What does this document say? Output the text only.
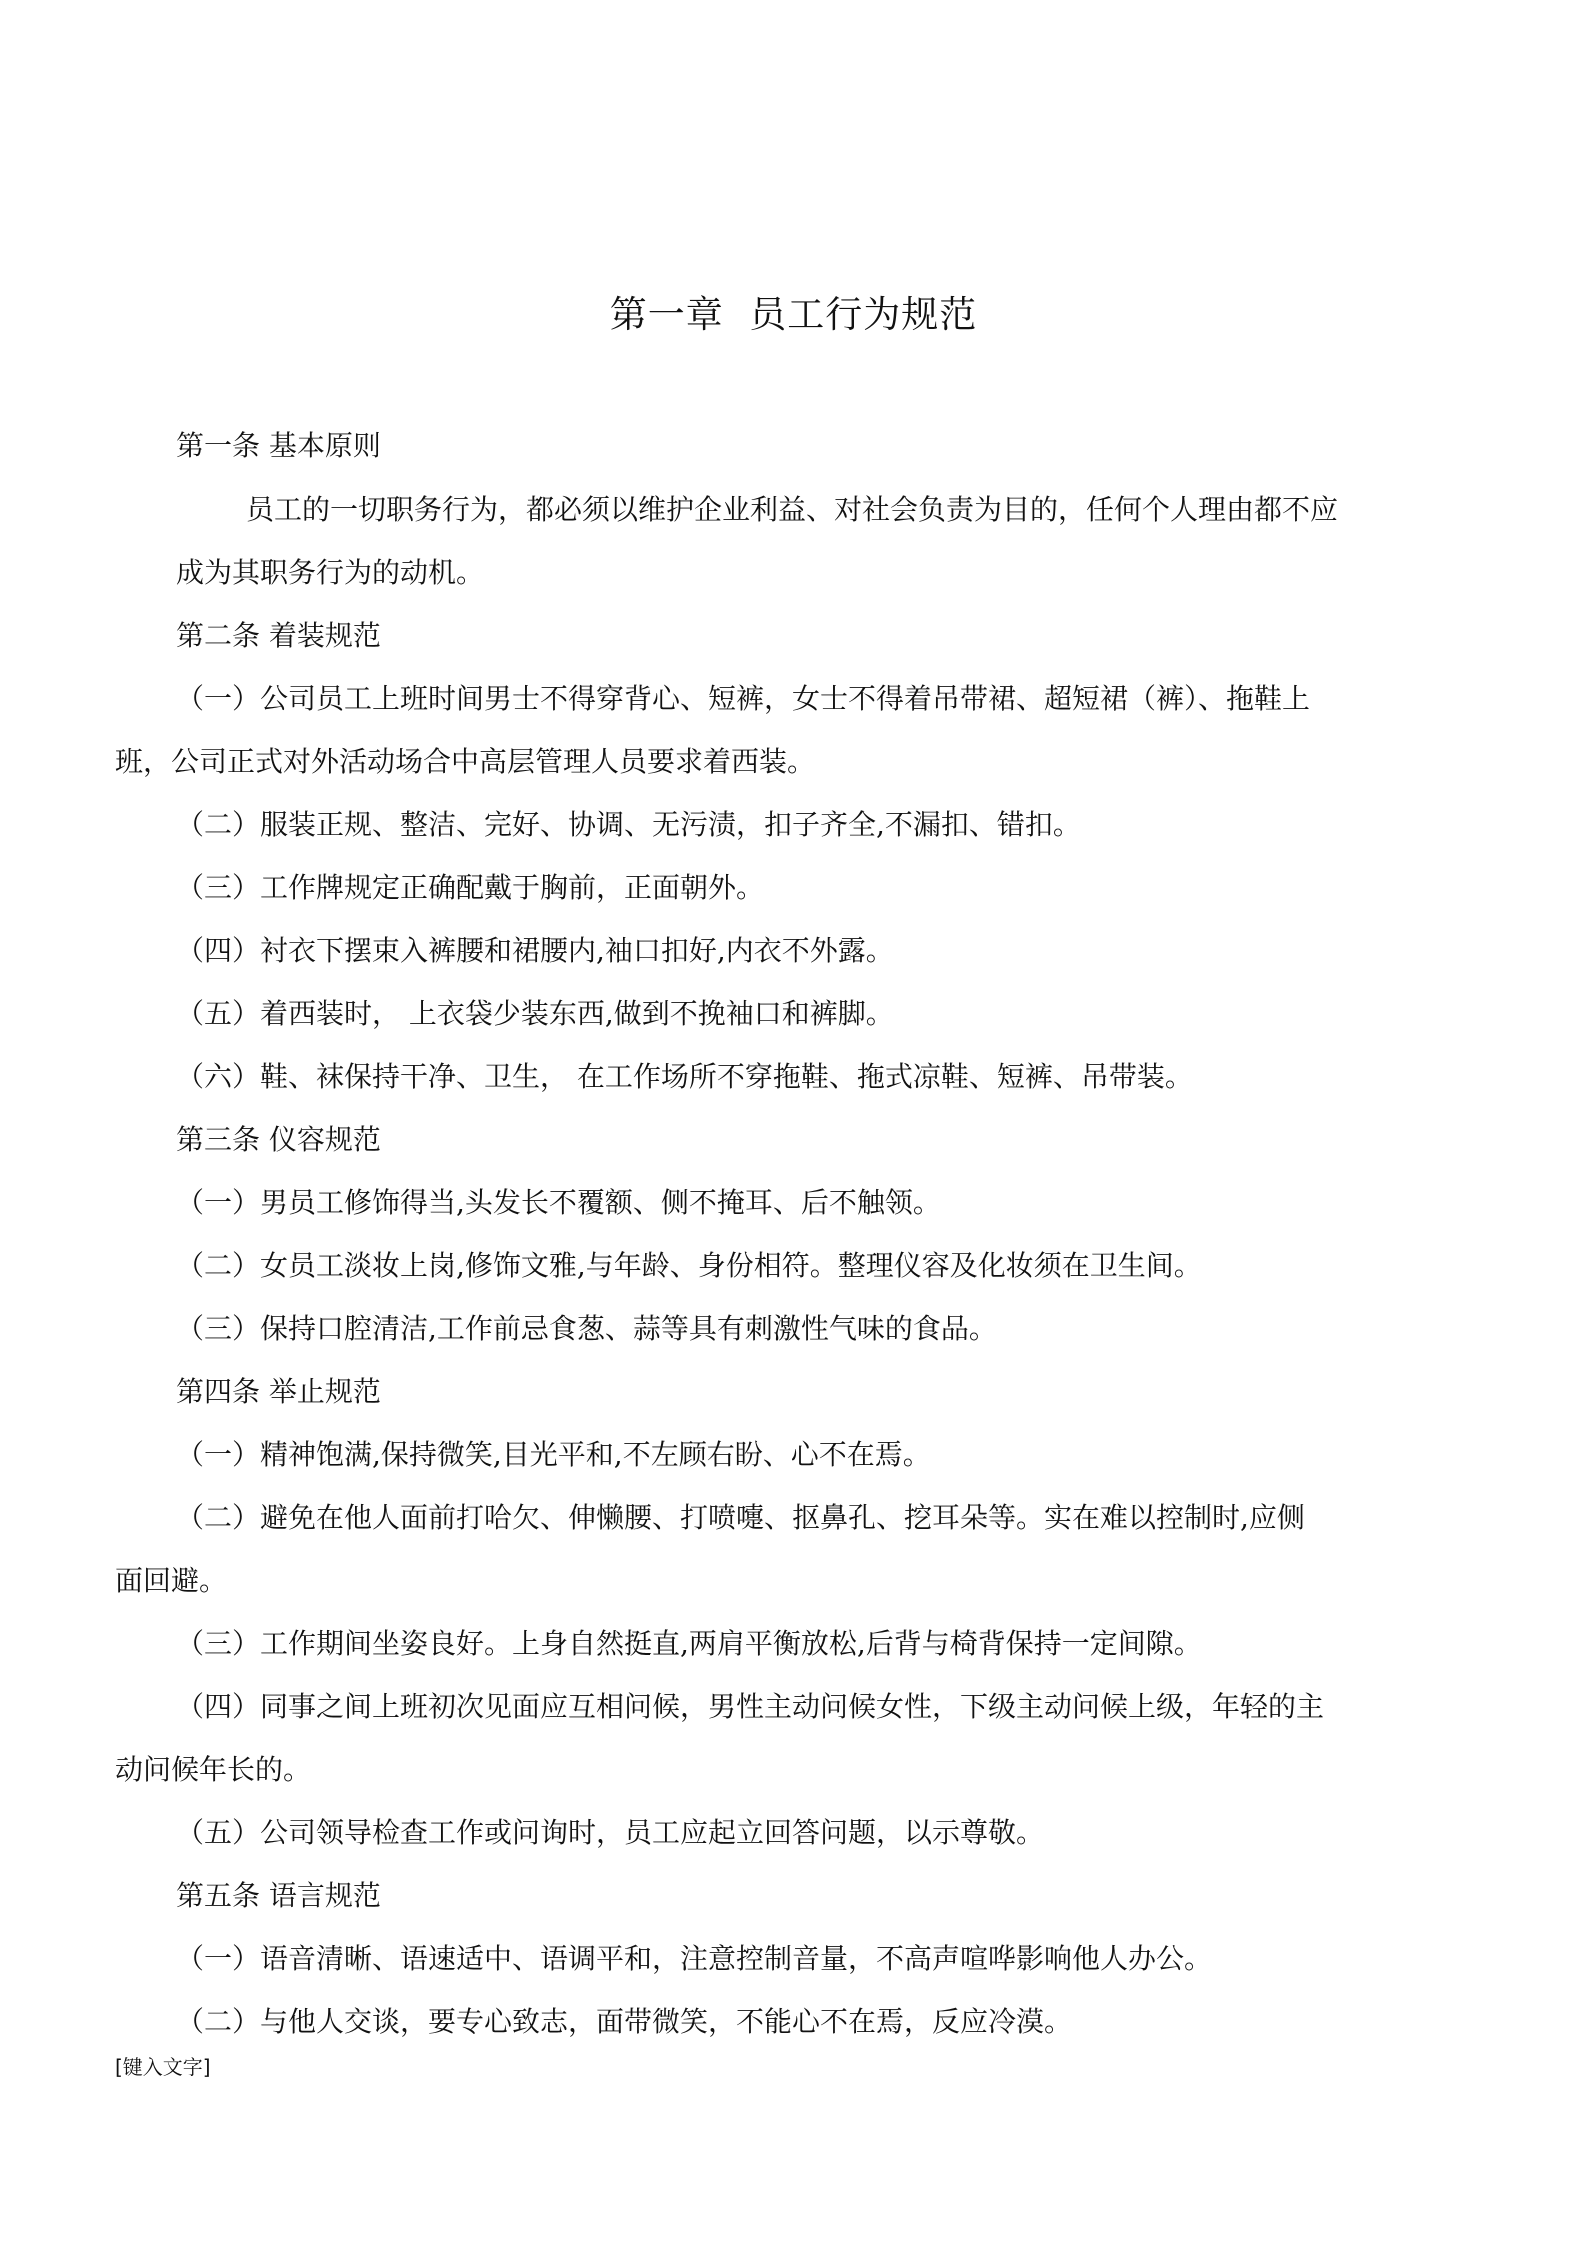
第一章  员工行为规范
第一条 基本原则
员工的一切职务行为，都必须以维护企业利益、对社会负责为目的，任何个人理由都不应
成为其职务行为的动机。
第二条 着装规范
（一）公司员工上班时间男士不得穿背心、短裤，女士不得着吊带裙、超短裙（裤）、拖鞋上
班，公司正式对外活动场合中高层管理人员要求着西装。
（二）服装正规、整洁、完好、协调、无污渍，扣子齐全,不漏扣、错扣。
（三）工作牌规定正确配戴于胸前，正面朝外。
（四）衬衣下摆束入裤腰和裙腰内,袖口扣好,内衣不外露。
（五）着西装时， 上衣袋少装东西,做到不挽袖口和裤脚。
（六）鞋、袜保持干净、卫生， 在工作场所不穿拖鞋、拖式凉鞋、短裤、吊带装。
第三条 仪容规范
（一）男员工修饰得当,头发长不覆额、侧不掩耳、后不触领。
（二）女员工淡妆上岗,修饰文雅,与年龄、身份相符。整理仪容及化妆须在卫生间。
（三）保持口腔清洁,工作前忌食葱、蒜等具有刺激性气味的食品。
第四条 举止规范
（一）精神饱满,保持微笑,目光平和,不左顾右盼、心不在焉。
（二）避免在他人面前打哈欠、伸懒腰、打喷嚏、抠鼻孔、挖耳朵等。实在难以控制时,应侧
面回避。
（三）工作期间坐姿良好。上身自然挺直,两肩平衡放松,后背与椅背保持一定间隙。
（四）同事之间上班初次见面应互相问候，男性主动问候女性，下级主动问候上级，年轻的主
动问候年长的。
（五）公司领导检查工作或问询时，员工应起立回答问题，以示尊敬。
第五条 语言规范
（一）语音清晰、语速适中、语调平和，注意控制音量，不高声喧哗影响他人办公。
（二）与他人交谈，要专心致志，面带微笑，不能心不在焉，反应冷漠。
[键入文字]
